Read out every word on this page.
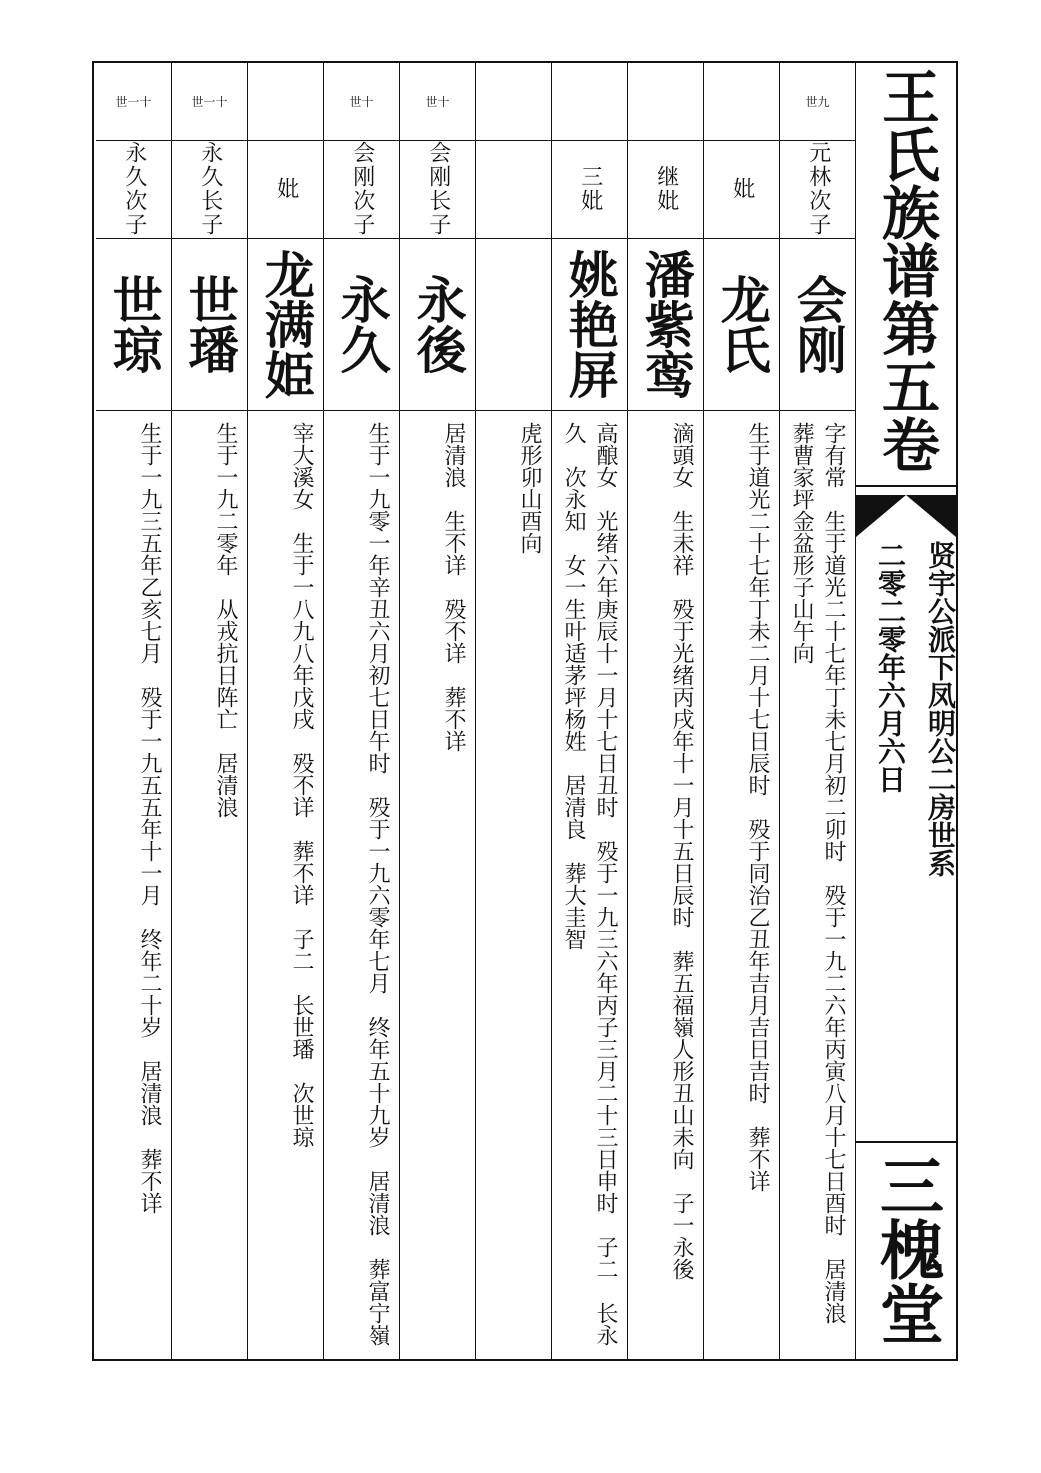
世九
元林次子
会刚
字有常　生于道光二十七年丁未七月初二卯时　殁于一九二六年丙寅八月十七日酉时　居清浪　葬曹家坪金盆形子山午向
妣
龙氏
生于道光二十七年丁未二月十七日辰时　殁于同治乙丑年吉月吉日吉时　葬不详
继妣
潘紫鸾
滴頭女　生未祥　殁于光绪丙戌年十一月十五日辰时　葬五福嶺人形丑山未向　子一永後
三妣
姚艳屏
高酿女　光绪六年庚辰十一月十七日丑时　殁于一九三六年丙子三月二十三日申时　子二　长永久　次永知　女一生叶适茅坪杨姓　居清良　葬大圭智
虎形卯山酉向
世十
会刚长子
永後
居清浪　生不详　殁不详　葬不详
世十
会刚次子
永久
生于一九零一年辛丑六月初七日午时　殁于一九六零年七月　终年五十九岁　居清浪　葬富宁嶺
妣
龙满姫
宰大溪女　生于一八九八年戊戌　殁不详　葬不详　子二　长世璠　次世琼
世一十
永久长子
世璠
生于一九二零年　从戎抗日阵亡　居清浪
世一十
永久次子
世琼
生于一九三五年乙亥七月　殁于一九五五年十一月　终年二十岁　居清浪　葬不详
王氏族谱第五卷
贤宇公派下凤明公二房世系
二零二零年六月六日
三槐堂
